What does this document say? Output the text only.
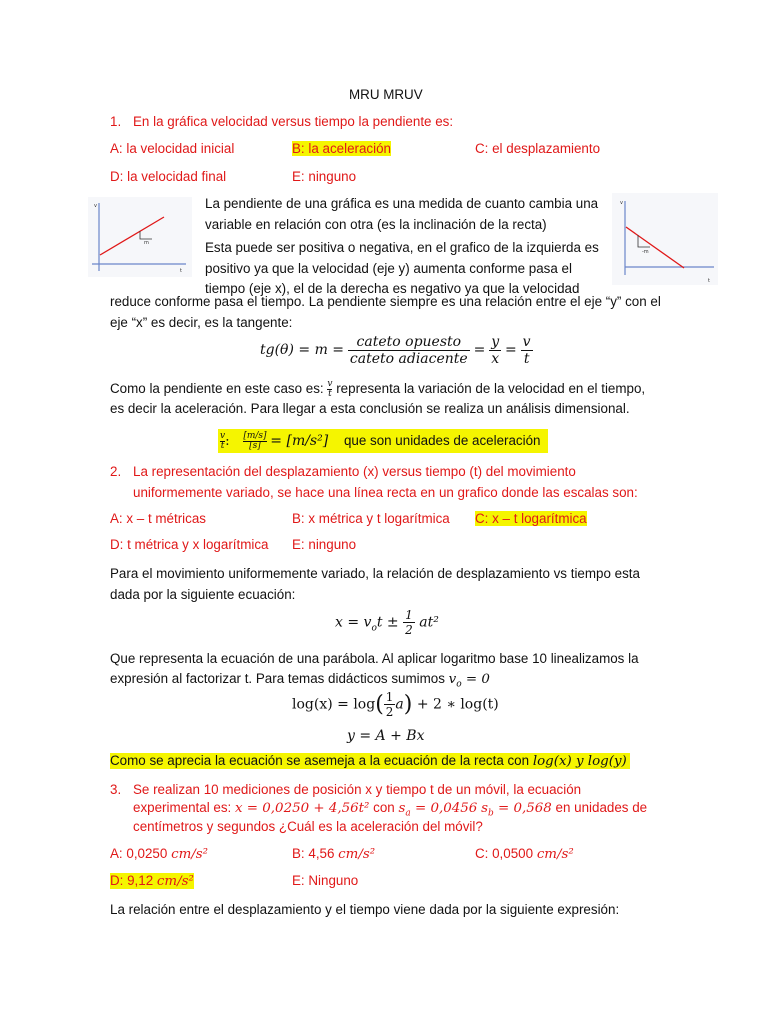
MRU MRUV
1. En la gráfica velocidad versus tiempo la pendiente es:
A: la velocidad inicial	B: la aceleración	C: el desplazamiento
D: la velocidad final	E: ninguno
v
t
m
v
t
-m
La pendiente de una gráfica es una medida de cuanto cambia una variable en relación con otra (es la inclinación de la recta)
Esta puede ser positiva o negativa, en el grafico de la izquierda es positivo ya que la velocidad (eje y) aumenta conforme pasa el tiempo (eje x), el de la derecha es negativo ya que la velocidad
reduce conforme pasa el tiempo. La pendiente siempre es una relación entre el eje “y” con el eje “x” es decir, es la tangente:
$tg(\theta) = m = \frac{\text{cateto opuesto}}{\text{cateto adiacente}} = \frac{y}{x} = \frac{v}{t}$
Como la pendiente en este caso es: $\frac{v}{t}$ representa la variación de la velocidad en el tiempo,
es decir la aceleración. Para llegar a esta conclusión se realiza un análisis dimensional.
$\frac{v}{t}$ : $\frac{[m/s]}{[s]} = [m/s^2]$ que son unidades de aceleración
2. La representación del desplazamiento (x) versus tiempo (t) del movimiento uniformemente variado, se hace una línea recta en un grafico donde las escalas son:
A: x – t métricas	B: x métrica y t logarítmica C: x – t logarítmica
D: t métrica y x logarítmica E: ninguno
Para el movimiento uniformemente variado, la relación de desplazamiento vs tiempo esta dada por la siguiente ecuación:
$x = v_ot \pm \frac{1}{2} at^2$
Que representa la ecuación de una parábola. Al aplicar logaritmo base 10 linealizamos la
expresión al factorizar t. Para temas didácticos sumimos $v_o = 0$
$\log(x) = \log( \frac{1}{2} a) + 2$ ∗ log(t)
y = A + Bx
Como se aprecia la ecuación se asemeja a la ecuación de la recta con log(x) y log(y)
3. Se realizan 10 mediciones de posición x y tiempo t de un móvil, la ecuación
experimental es: x = 0,0250 + 4,56t² con $s_a = 0,0456$ $s_b = 0,568$ en unidades de
centímetros y segundos ¿Cuál es la aceleración del móvil?
A: 0,0250 cm/s²	B: 4,56 cm/s²	C: 0,0500 cm/s²
D: 9,12 cm/s²	E: Ninguno
La relación entre el desplazamiento y el tiempo viene dada por la siguiente expresión:
